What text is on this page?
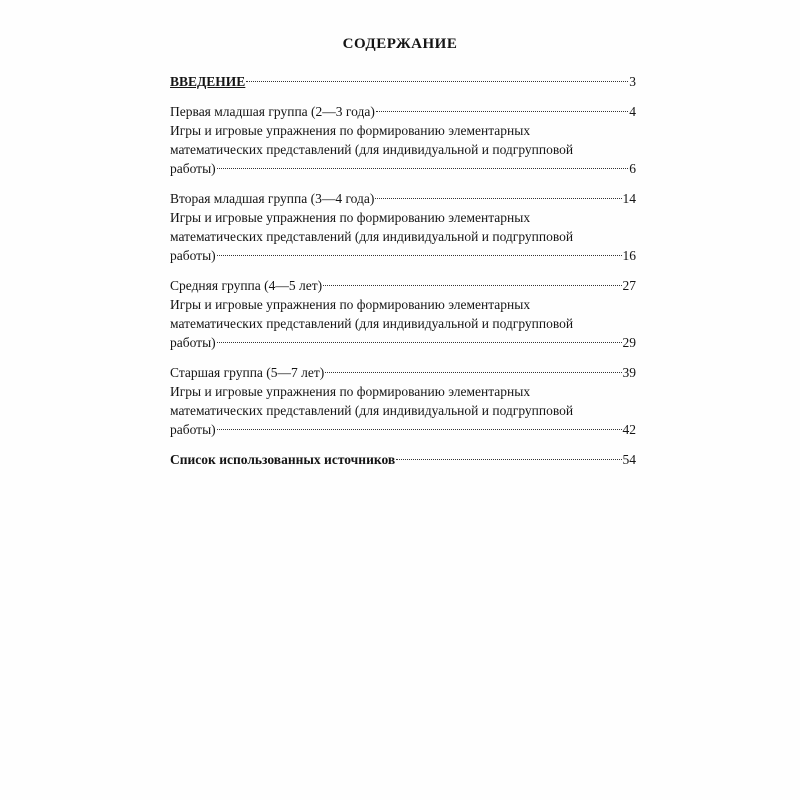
СОДЕРЖАНИЕ
ВВЕДЕНИЕ	3
Первая младшая группа (2—3 года)	4
Игры и игровые упражнения по формированию элементарных
математических представлений (для индивидуальной и подгрупповой
работы)	6
Вторая младшая группа (3—4 года)	14
Игры и игровые упражнения по формированию элементарных
математических представлений (для индивидуальной и подгрупповой
работы)	16
Средняя группа (4—5 лет)	27
Игры и игровые упражнения по формированию элементарных
математических представлений (для индивидуальной и подгрупповой
работы)	29
Старшая группа (5—7 лет)	39
Игры и игровые упражнения по формированию элементарных
математических представлений (для индивидуальной и подгрупповой
работы)	42
Список использованных источников	54
